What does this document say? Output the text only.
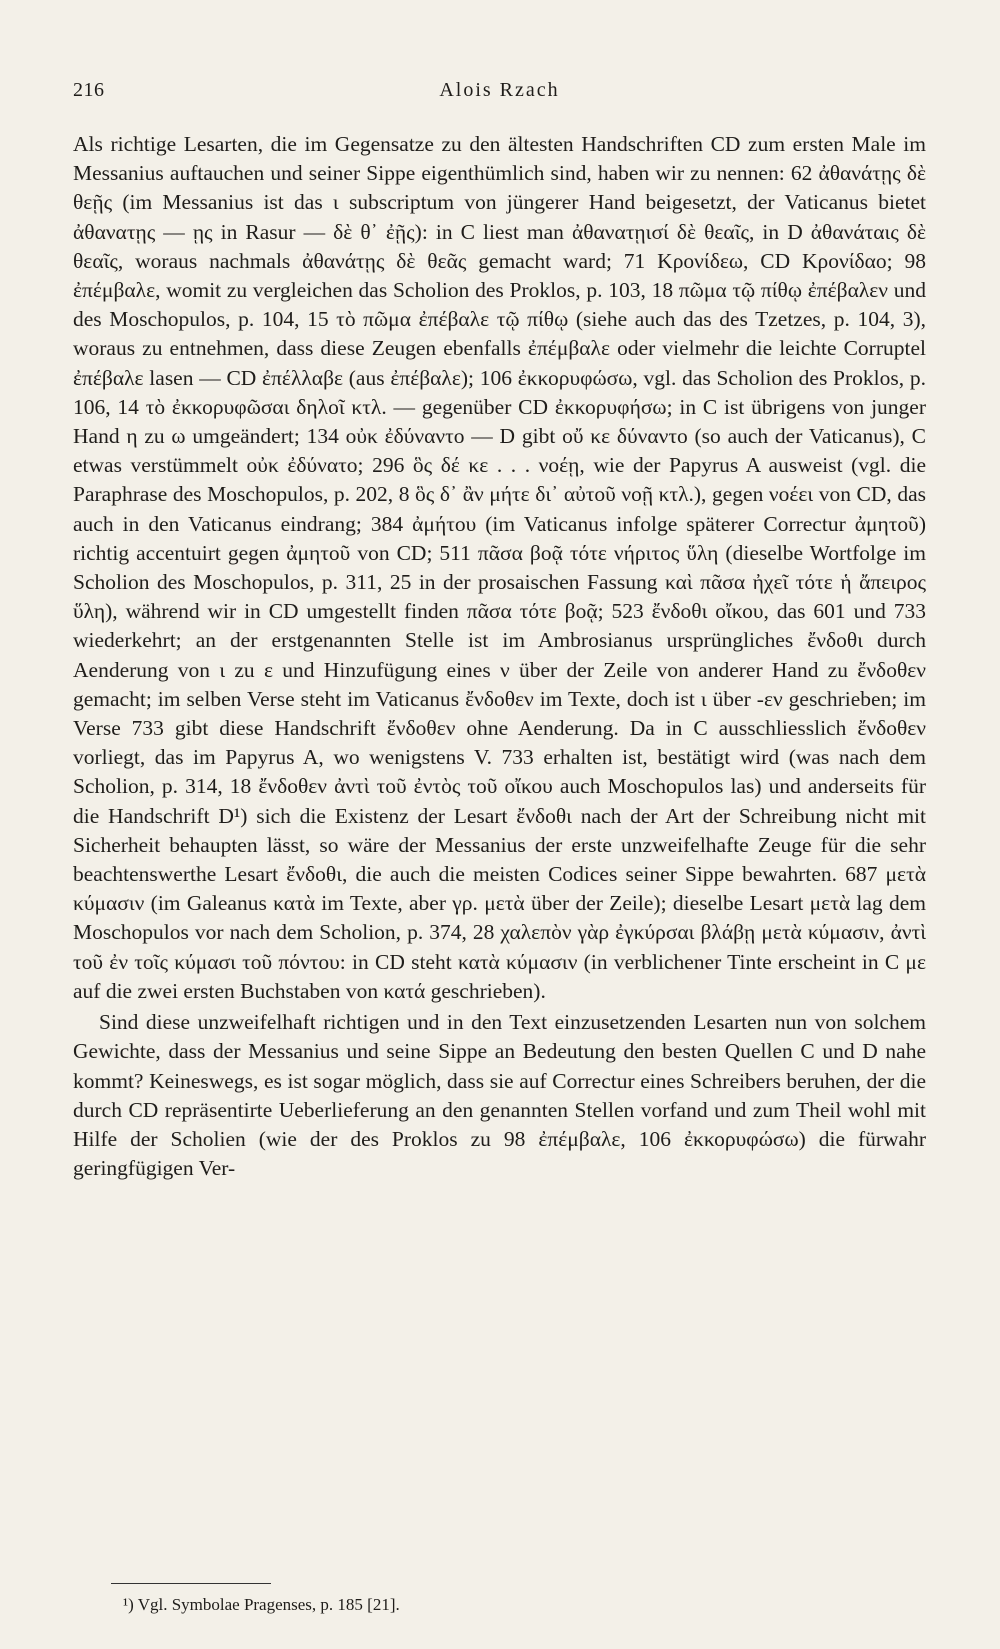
216	Alois Rzach

Als richtige Lesarten, die im Gegensatze zu den ältesten Handschriften CD zum ersten Male im Messanius auftauchen und seiner Sippe eigenthümlich sind, haben wir zu nennen: 62 ἀθανάτῃς δὲ θεῇς (im Messanius ist das ι subscriptum von jüngerer Hand beigesetzt, der Vaticanus bietet ἀθανατῃς — ῃς in Rasur — δὲ θ᾽ ἐῇς): in C liest man ἀθανατῃισί δὲ θεαῖς, in D ἀθανάταις δὲ θεαῖς, woraus nachmals ἀθανάτῃς δὲ θεᾶς gemacht ward; 71 Κρονίδεω, CD Κρονίδαο; 98 ἐπέμβαλε, womit zu vergleichen das Scholion des Proklos, p. 103, 18 πῶμα τῷ πίθῳ ἐπέβαλεν und des Moschopulos, p. 104, 15 τὸ πῶμα ἐπέβαλε τῷ πίθῳ (siehe auch das des Tzetzes, p. 104, 3), woraus zu entnehmen, dass diese Zeugen ebenfalls ἐπέμβαλε oder vielmehr die leichte Corruptel ἐπέβαλε lasen — CD ἐπέλλαβε (aus ἐπέβαλε); 106 ἐκκορυφώσω, vgl. das Scholion des Proklos, p. 106, 14 τὸ ἐκκορυφῶσαι δηλοῖ κτλ. — gegenüber CD ἐκκορυφήσω; in C ist übrigens von junger Hand η zu ω umgeändert; 134 οὐκ ἐδύναντο — D gibt οὔ κε δύναντο (so auch der Vaticanus), C etwas verstümmelt οὐκ ἐδύνατο; 296 ὃς δέ κε . . . νοέῃ, wie der Papyrus A ausweist (vgl. die Paraphrase des Moschopulos, p. 202, 8 ὃς δ᾽ ἂν μήτε δι᾽ αὐτοῦ νοῇ κτλ.), gegen νοέει von CD, das auch in den Vaticanus eindrang; 384 ἀμήτου (im Vaticanus infolge späterer Correctur ἀμητοῦ) richtig accentuirt gegen ἀμητοῦ von CD; 511 πᾶσα βοᾷ τότε νήριτος ὕλη (dieselbe Wortfolge im Scholion des Moschopulos, p. 311, 25 in der prosaischen Fassung καὶ πᾶσα ἠχεῖ τότε ἡ ἄπειρος ὕλη), während wir in CD umgestellt finden πᾶσα τότε βοᾷ; 523 ἔνδοθι οἴκου, das 601 und 733 wiederkehrt; an der erstgenannten Stelle ist im Ambrosianus ursprüngliches ἔνδοθι durch Aenderung von ι zu ε und Hinzufügung eines ν über der Zeile von anderer Hand zu ἔνδοθεν gemacht; im selben Verse steht im Vaticanus ἔνδοθεν im Texte, doch ist ι über -εν geschrieben; im Verse 733 gibt diese Handschrift ἔνδοθεν ohne Aenderung. Da in C ausschliesslich ἔνδοθεν vorliegt, das im Papyrus A, wo wenigstens V. 733 erhalten ist, bestätigt wird (was nach dem Scholion, p. 314, 18 ἔνδοθεν ἀντὶ τοῦ ἐντὸς τοῦ οἴκου auch Moschopulos las) und anderseits für die Handschrift D¹) sich die Existenz der Lesart ἔνδοθι nach der Art der Schreibung nicht mit Sicherheit behaupten lässt, so wäre der Messanius der erste unzweifelhafte Zeuge für die sehr beachtenswerthe Lesart ἔνδοθι, die auch die meisten Codices seiner Sippe bewahrten. 687 μετὰ κύμασιν (im Galeanus κατὰ im Texte, aber γρ. μετὰ über der Zeile); dieselbe Lesart μετὰ lag dem Moschopulos vor nach dem Scholion, p. 374, 28 χαλεπὸν γὰρ ἐγκύρσαι βλάβῃ μετὰ κύμασιν, ἀντὶ τοῦ ἐν τοῖς κύμασι τοῦ πόντου: in CD steht κατὰ κύμασιν (in verblichener Tinte erscheint in C με auf die zwei ersten Buchstaben von κατά geschrieben).

Sind diese unzweifelhaft richtigen und in den Text einzusetzenden Lesarten nun von solchem Gewichte, dass der Messanius und seine Sippe an Bedeutung den besten Quellen C und D nahe kommt? Keineswegs, es ist sogar möglich, dass sie auf Correctur eines Schreibers beruhen, der die durch CD repräsentirte Ueberlieferung an den genannten Stellen vorfand und zum Theil wohl mit Hilfe der Scholien (wie der des Proklos zu 98 ἐπέμβαλε, 106 ἐκκορυφώσω) die fürwahr geringfügigen Ver-

¹) Vgl. Symbolae Pragenses, p. 185 [21].
